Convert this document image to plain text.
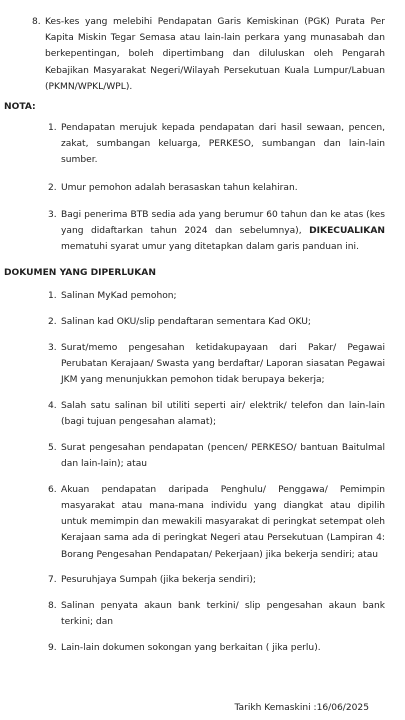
8. Kes-kes yang melebihi Pendapatan Garis Kemiskinan (PGK) Purata Per Kapita Miskin Tegar Semasa atau lain-lain perkara yang munasabah dan berkepentingan, boleh dipertimbang dan diluluskan oleh Pengarah Kebajikan Masyarakat Negeri/Wilayah Persekutuan Kuala Lumpur/Labuan (PKMN/WPKL/WPL).
NOTA:
1. Pendapatan merujuk kepada pendapatan dari hasil sewaan, pencen, zakat, sumbangan keluarga, PERKESO, sumbangan dan lain-lain sumber.
2. Umur pemohon adalah berasaskan tahun kelahiran.
3. Bagi penerima BTB sedia ada yang berumur 60 tahun dan ke atas (kes yang didaftarkan tahun 2024 dan sebelumnya), DIKECUALIKAN mematuhi syarat umur yang ditetapkan dalam garis panduan ini.
DOKUMEN YANG DIPERLUKAN
1. Salinan MyKad pemohon;
2. Salinan kad OKU/slip pendaftaran sementara Kad OKU;
3. Surat/memo pengesahan ketidakupayaan dari Pakar/ Pegawai Perubatan Kerajaan/ Swasta yang berdaftar/ Laporan siasatan Pegawai JKM yang menunjukkan pemohon tidak berupaya bekerja;
4. Salah satu salinan bil utiliti seperti air/ elektrik/ telefon dan lain-lain (bagi tujuan pengesahan alamat);
5. Surat pengesahan pendapatan (pencen/ PERKESO/ bantuan Baitulmal dan lain-lain); atau
6. Akuan pendapatan daripada Penghulu/ Penggawa/ Pemimpin masyarakat atau mana-mana individu yang diangkat atau dipilih untuk memimpin dan mewakili masyarakat di peringkat setempat oleh Kerajaan sama ada di peringkat Negeri atau Persekutuan (Lampiran 4: Borang Pengesahan Pendapatan/ Pekerjaan) jika bekerja sendiri; atau
7. Pesuruhjaya Sumpah (jika bekerja sendiri);
8. Salinan penyata akaun bank terkini/ slip pengesahan akaun bank terkini; dan
9. Lain-lain dokumen sokongan yang berkaitan ( jika perlu).
Tarikh Kemaskini :16/06/2025
